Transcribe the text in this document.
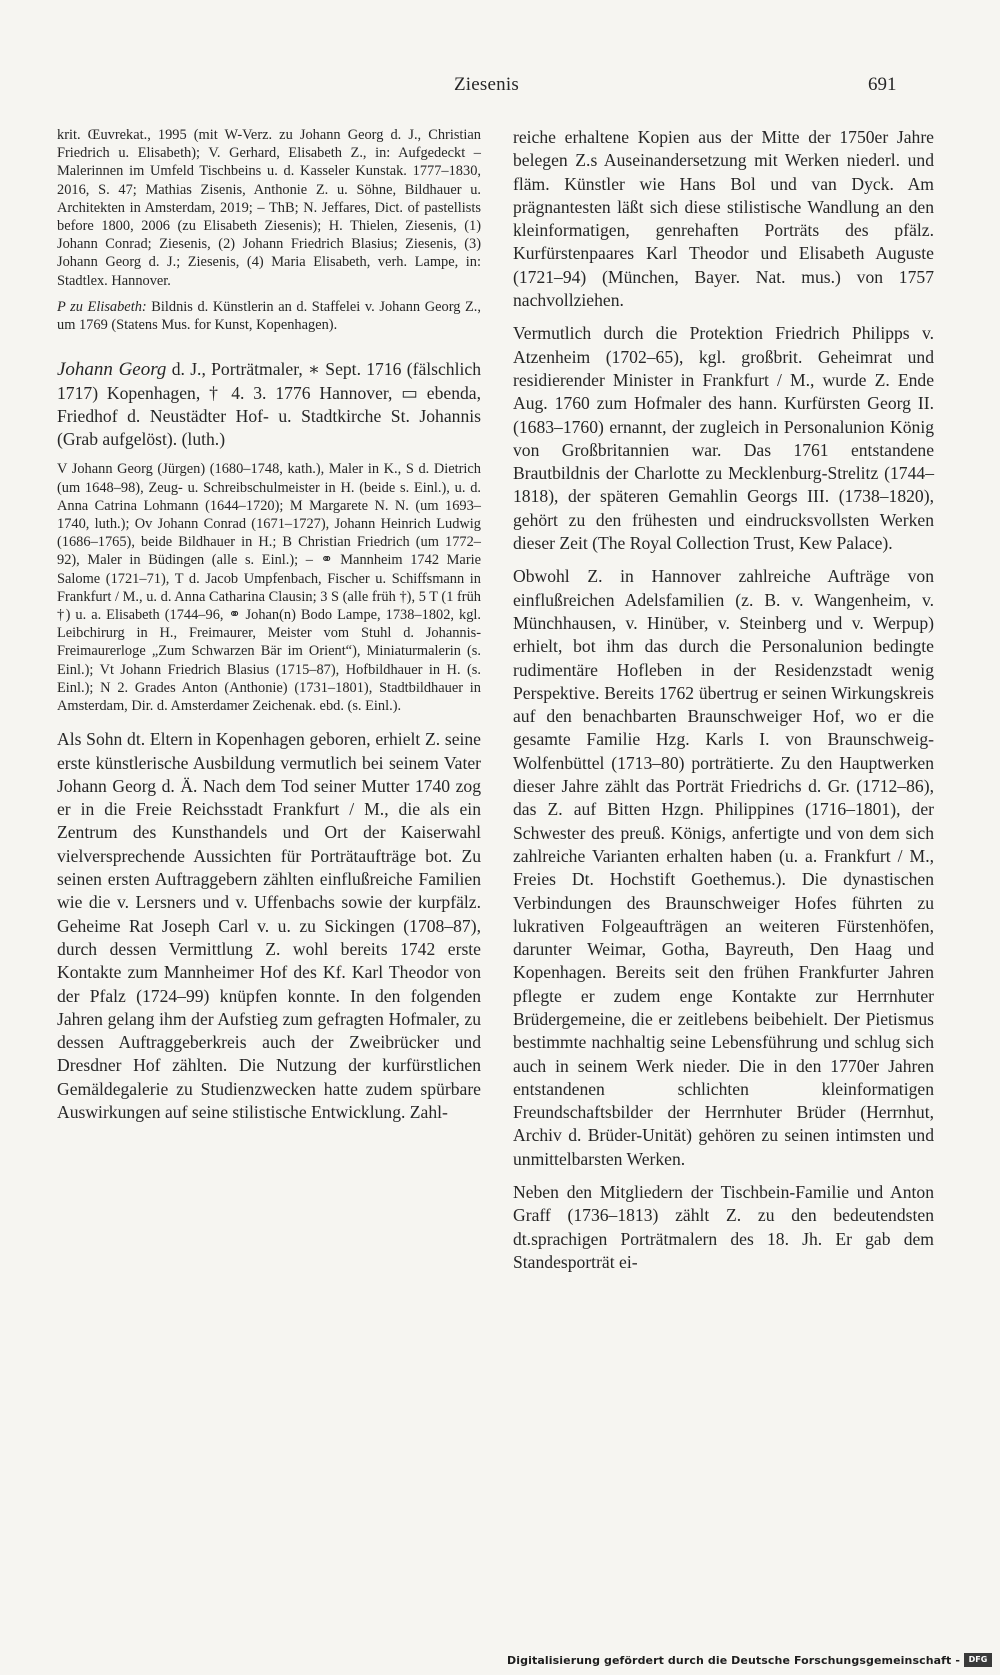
Ziesenis	691

krit. Œuvrekat., 1995 (mit W-Verz. zu Johann Georg d. J., Christian Friedrich u. Elisabeth); V. Gerhard, Elisabeth Z., in: Aufgedeckt – Malerinnen im Umfeld Tischbeins u. d. Kasseler Kunstak. 1777–1830, 2016, S. 47; Mathias Zisenis, Anthonie Z. u. Söhne, Bildhauer u. Architekten in Amsterdam, 2019; – ThB; N. Jeffares, Dict. of pastellists before 1800, 2006 (zu Elisabeth Ziesenis); H. Thielen, Ziesenis, (1) Johann Conrad; Ziesenis, (2) Johann Friedrich Blasius; Ziesenis, (3) Johann Georg d. J.; Ziesenis, (4) Maria Elisabeth, verh. Lampe, in: Stadtlex. Hannover.

P zu Elisabeth: Bildnis d. Künstlerin an d. Staffelei v. Johann Georg Z., um 1769 (Statens Mus. for Kunst, Kopenhagen).

Johann Georg d. J., Porträtmaler, ∗ Sept. 1716 (fälschlich 1717) Kopenhagen, † 4. 3. 1776 Hannover, ▭ ebenda, Friedhof d. Neustädter Hof- u. Stadtkirche St. Johannis (Grab aufgelöst). (luth.)

V Johann Georg (Jürgen) (1680–1748, kath.), Maler in K., S d. Dietrich (um 1648–98), Zeug- u. Schreibschulmeister in H. (beide s. Einl.), u. d. Anna Catrina Lohmann (1644–1720); M Margarete N. N. (um 1693–1740, luth.); Ov Johann Conrad (1671–1727), Johann Heinrich Ludwig (1686–1765), beide Bildhauer in H.; B Christian Friedrich (um 1772–92), Maler in Büdingen (alle s. Einl.); – ⚭ Mannheim 1742 Marie Salome (1721–71), T d. Jacob Umpfenbach, Fischer u. Schiffsmann in Frankfurt / M., u. d. Anna Catharina Clausin; 3 S (alle früh †), 5 T (1 früh †) u. a. Elisabeth (1744–96, ⚭ Johan(n) Bodo Lampe, 1738–1802, kgl. Leibchirurg in H., Freimaurer, Meister vom Stuhl d. Johannis-Freimaurerloge „Zum Schwarzen Bär im Orient“), Miniaturmalerin (s. Einl.); Vt Johann Friedrich Blasius (1715–87), Hofbildhauer in H. (s. Einl.); N 2. Grades Anton (Anthonie) (1731–1801), Stadtbildhauer in Amsterdam, Dir. d. Amsterdamer Zeichenak. ebd. (s. Einl.).

Als Sohn dt. Eltern in Kopenhagen geboren, erhielt Z. seine erste künstlerische Ausbildung vermutlich bei seinem Vater Johann Georg d. Ä. Nach dem Tod seiner Mutter 1740 zog er in die Freie Reichsstadt Frankfurt / M., die als ein Zentrum des Kunsthandels und Ort der Kaiserwahl vielversprechende Aussichten für Porträtaufträge bot. Zu seinen ersten Auftraggebern zählten einflußreiche Familien wie die v. Lersners und v. Uffenbachs sowie der kurpfälz. Geheime Rat Joseph Carl v. u. zu Sickingen (1708–87), durch dessen Vermittlung Z. wohl bereits 1742 erste Kontakte zum Mannheimer Hof des Kf. Karl Theodor von der Pfalz (1724–99) knüpfen konnte. In den folgenden Jahren gelang ihm der Aufstieg zum gefragten Hofmaler, zu dessen Auftraggeberkreis auch der Zweibrücker und Dresdner Hof zählten. Die Nutzung der kurfürstlichen Gemäldegalerie zu Studienzwecken hatte zudem spürbare Auswirkungen auf seine stilistische Entwicklung. Zahl-

reiche erhaltene Kopien aus der Mitte der 1750er Jahre belegen Z.s Auseinandersetzung mit Werken niederl. und fläm. Künstler wie Hans Bol und van Dyck. Am prägnantesten läßt sich diese stilistische Wandlung an den kleinformatigen, genrehaften Porträts des pfälz. Kurfürstenpaares Karl Theodor und Elisabeth Auguste (1721–94) (München, Bayer. Nat. mus.) von 1757 nachvollziehen.

Vermutlich durch die Protektion Friedrich Philipps v. Atzenheim (1702–65), kgl. großbrit. Geheimrat und residierender Minister in Frankfurt / M., wurde Z. Ende Aug. 1760 zum Hofmaler des hann. Kurfürsten Georg II. (1683–1760) ernannt, der zugleich in Personalunion König von Großbritannien war. Das 1761 entstandene Brautbildnis der Charlotte zu Mecklenburg-Strelitz (1744–1818), der späteren Gemahlin Georgs III. (1738–1820), gehört zu den frühesten und eindrucksvollsten Werken dieser Zeit (The Royal Collection Trust, Kew Palace).

Obwohl Z. in Hannover zahlreiche Aufträge von einflußreichen Adelsfamilien (z. B. v. Wangenheim, v. Münchhausen, v. Hinüber, v. Steinberg und v. Werpup) erhielt, bot ihm das durch die Personalunion bedingte rudimentäre Hofleben in der Residenzstadt wenig Perspektive. Bereits 1762 übertrug er seinen Wirkungskreis auf den benachbarten Braunschweiger Hof, wo er die gesamte Familie Hzg. Karls I. von Braunschweig-Wolfenbüttel (1713–80) porträtierte. Zu den Hauptwerken dieser Jahre zählt das Porträt Friedrichs d. Gr. (1712–86), das Z. auf Bitten Hzgn. Philippines (1716–1801), der Schwester des preuß. Königs, anfertigte und von dem sich zahlreiche Varianten erhalten haben (u. a. Frankfurt / M., Freies Dt. Hochstift Goethemus.). Die dynastischen Verbindungen des Braunschweiger Hofes führten zu lukrativen Folgeaufträgen an weiteren Fürstenhöfen, darunter Weimar, Gotha, Bayreuth, Den Haag und Kopenhagen. Bereits seit den frühen Frankfurter Jahren pflegte er zudem enge Kontakte zur Herrnhuter Brüdergemeine, die er zeitlebens beibehielt. Der Pietismus bestimmte nachhaltig seine Lebensführung und schlug sich auch in seinem Werk nieder. Die in den 1770er Jahren entstandenen schlichten kleinformatigen Freundschaftsbilder der Herrnhuter Brüder (Herrnhut, Archiv d. Brüder-Unität) gehören zu seinen intimsten und unmittelbarsten Werken.

Neben den Mitgliedern der Tischbein-Familie und Anton Graff (1736–1813) zählt Z. zu den bedeutendsten dt.sprachigen Porträtmalern des 18. Jh. Er gab dem Standesporträt ei-

Digitalisierung gefördert durch die Deutsche Forschungsgemeinschaft -	DFG
